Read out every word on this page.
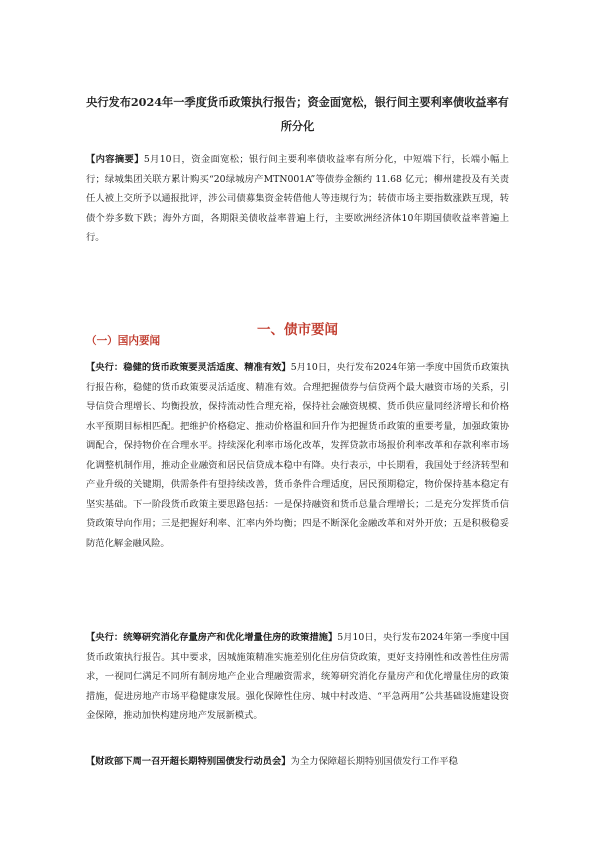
央行发布2024年一季度货币政策执行报告；资金面宽松，银行间主要利率债收益率有所分化
【内容摘要】5月10日，资金面宽松；银行间主要利率债收益率有所分化，中短端下行，长端小幅上行；绿城集团关联方累计购买“20绿城房产MTN001A”等债券金额约 11.68 亿元；柳州建投及有关责任人被上交所予以通报批评，涉公司债募集资金转借他人等违规行为；转债市场主要指数涨跌互现，转债个券多数下跌；海外方面，各期限美债收益率普遍上行，主要欧洲经济体10年期国债收益率普遍上行。
一、债市要闻
（一）国内要闻
【央行：稳健的货币政策要灵活适度、精准有效】5月10日，央行发布2024年第一季度中国货币政策执行报告称，稳健的货币政策要灵活适度、精准有效。合理把握债券与信贷两个最大融资市场的关系，引导信贷合理增长、均衡投放，保持流动性合理充裕，保持社会融资规模、货币供应量同经济增长和价格水平预期目标相匹配。把维护价格稳定、推动价格温和回升作为把握货币政策的重要考量，加强政策协调配合，保持物价在合理水平。持续深化利率市场化改革，发挥贷款市场报价利率改革和存款利率市场化调整机制作用，推动企业融资和居民信贷成本稳中有降。央行表示，中长期看，我国处于经济转型和产业升级的关键期，供需条件有望持续改善，货币条件合理适度，居民预期稳定，物价保持基本稳定有坚实基础。下一阶段货币政策主要思路包括：一是保持融资和货币总量合理增长；二是充分发挥货币信贷政策导向作用；三是把握好利率、汇率内外均衡；四是不断深化金融改革和对外开放；五是积极稳妥防范化解金融风险。
【央行：统筹研究消化存量房产和优化增量住房的政策措施】5月10日，央行发布2024年第一季度中国货币政策执行报告。其中要求，因城施策精准实施差别化住房信贷政策，更好支持刚性和改善性住房需求，一视同仁满足不同所有制房地产企业合理融资需求，统筹研究消化存量房产和优化增量住房的政策措施，促进房地产市场平稳健康发展。强化保障性住房、城中村改造、“平急两用”公共基础设施建设资金保障，推动加快构建房地产发展新模式。
【财政部下周一召开超长期特别国债发行动员会】为全力保障超长期特别国债发行工作平稳
